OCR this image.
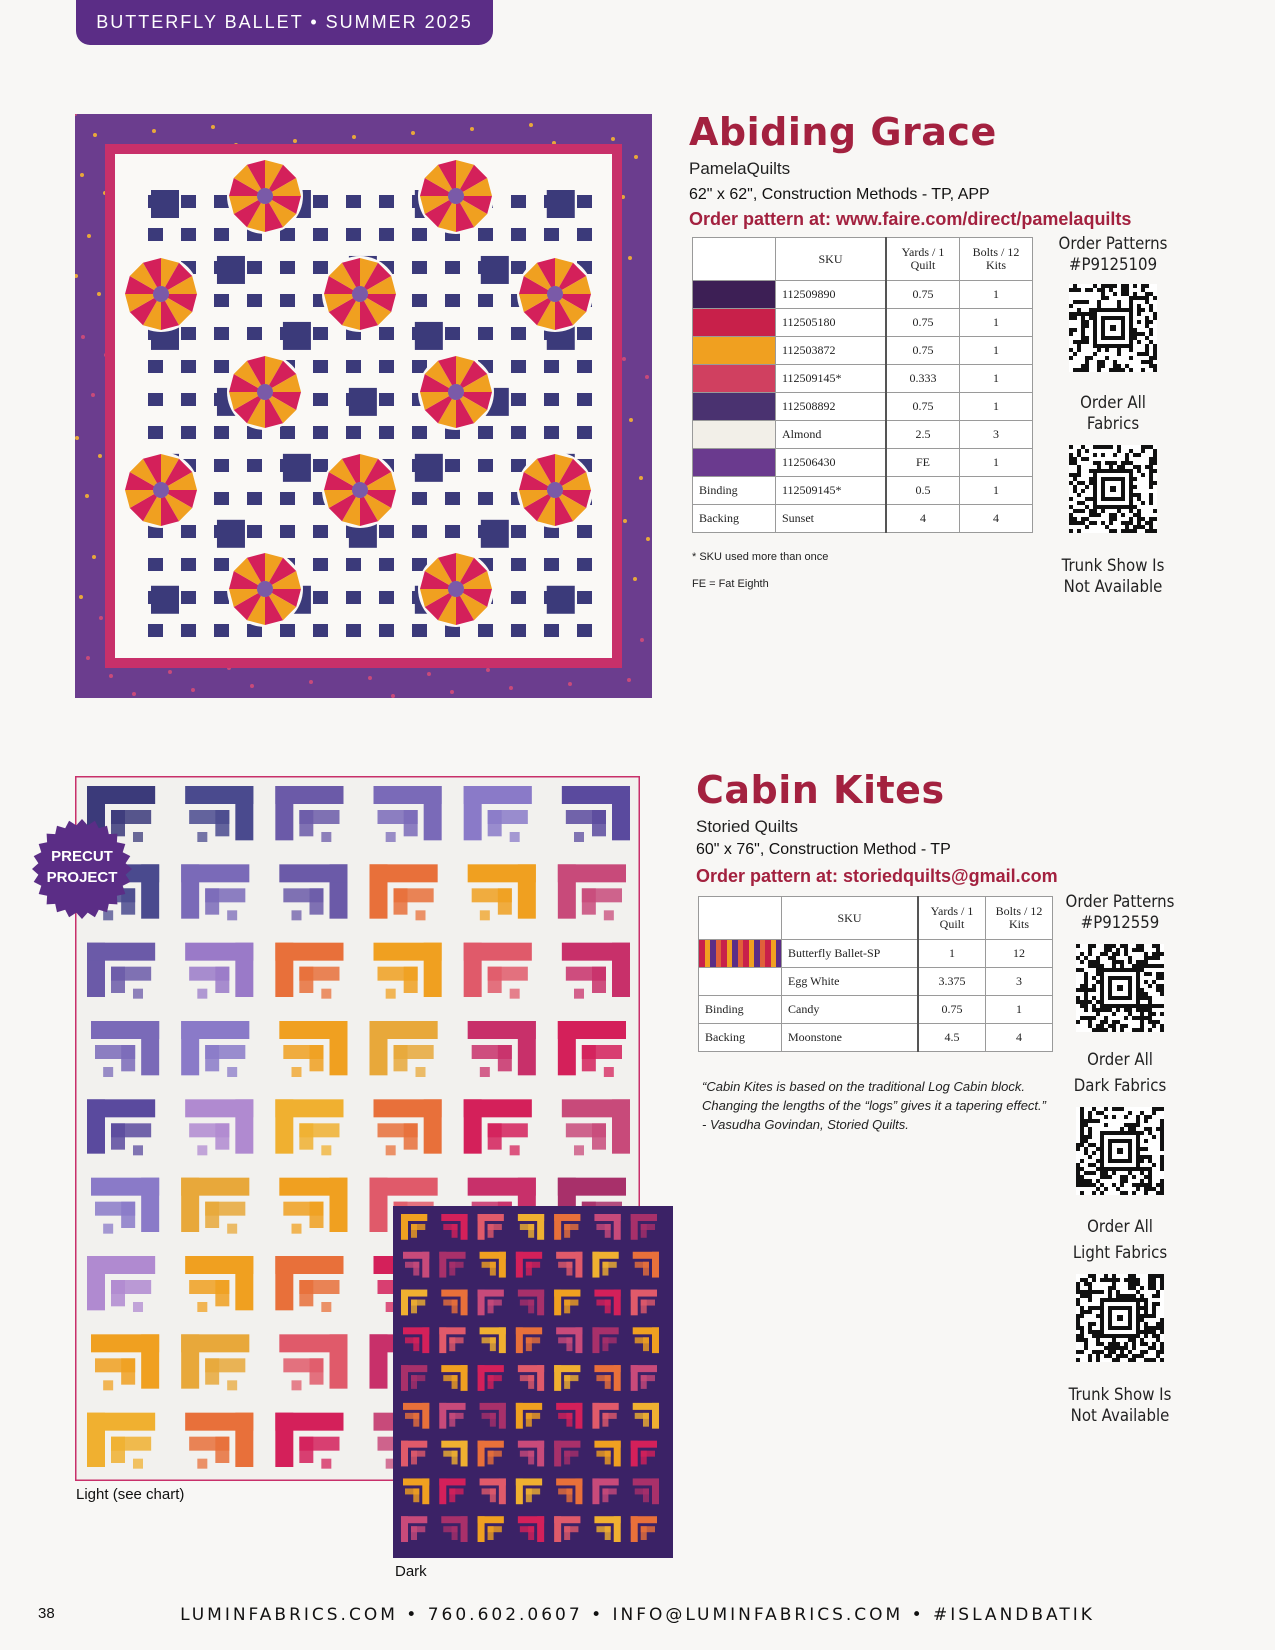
BUTTERFLY BALLET • SUMMER 2025
Abiding Grace
PamelaQuilts
62" x 62", Construction Methods - TP, APP
Order pattern at: www.faire.com/direct/pamelaquilts
	SKU	Yards / 1 Quilt	Bolts / 12 Kits

	112509890	0.75	1

	112505180	0.75	1

	112503872	0.75	1

	112509145*	0.333	1

	112508892	0.75	1

	Almond	2.5	3

	112506430	FE	1
Binding	112509145*	0.5	1
Backing	Sunset	4	4
* SKU used more than once
FE = Fat Eighth
Order Patterns
#P9125109
Order All
Fabrics
Trunk Show Is
Not Available
PRECUT
PROJECT
Light (see chart)
Dark
Cabin Kites
Storied Quilts
60" x 76", Construction Method - TP
Order pattern at: storiedquilts@gmail.com
	SKU	Yards / 1 Quilt	Bolts / 12 Kits

	Butterfly Ballet-SP	1	12
	Egg White	3.375	3
Binding	Candy	0.75	1
Backing	Moonstone	4.5	4
“Cabin Kites is based on the traditional Log Cabin block. Changing the lengths of the “logs” gives it a tapering effect.” - Vasudha Govindan, Storied Quilts.
Order Patterns
#P912559
Order All
Dark Fabrics
Order All
Light Fabrics
Trunk Show Is
Not Available
38	LUMINFABRICS.COM • 760.602.0607 • INFO@LUMINFABRICS.COM • #ISLANDBATIK
